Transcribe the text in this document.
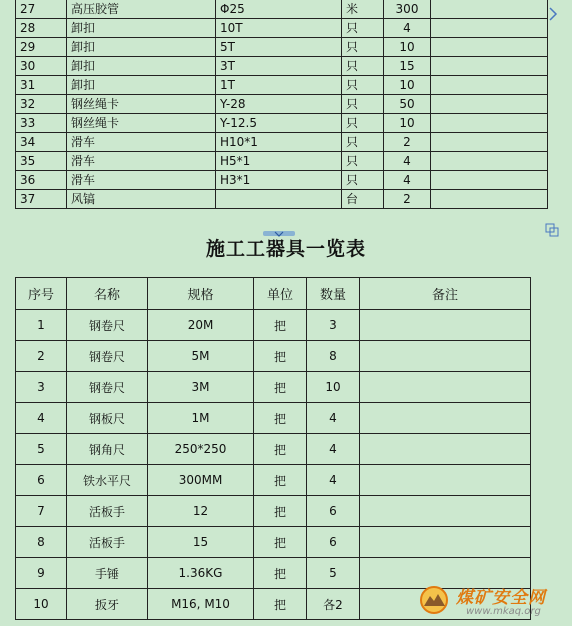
27	高压胶管	Φ25	米	300	
28	卸扣	10T	只	4	
29	卸扣	5T	只	10	
30	卸扣	3T	只	15	
31	卸扣	1T	只	10	
32	钢丝绳卡	Y-28	只	50	
33	钢丝绳卡	Y-12.5	只	10	
34	滑车	H10*1	只	2	
35	滑车	H5*1	只	4	
36	滑车	H3*1	只	4	
37	风镐		台	2	
施工工器具一览表
序号	名称	规格	单位	数量	备注
1	钢卷尺	20M	把	3	
2	钢卷尺	5M	把	8	
3	钢卷尺	3M	把	10	
4	钢板尺	1M	把	4	
5	钢角尺	250*250	把	4	
6	铁水平尺	300MM	把	4	
7	活板手	12	把	6	
8	活板手	15	把	6	
9	手锤	1.36KG	把	5	
10	扳牙	M16, M10	把	各2		煤矿安全网
www.mkaq.org
